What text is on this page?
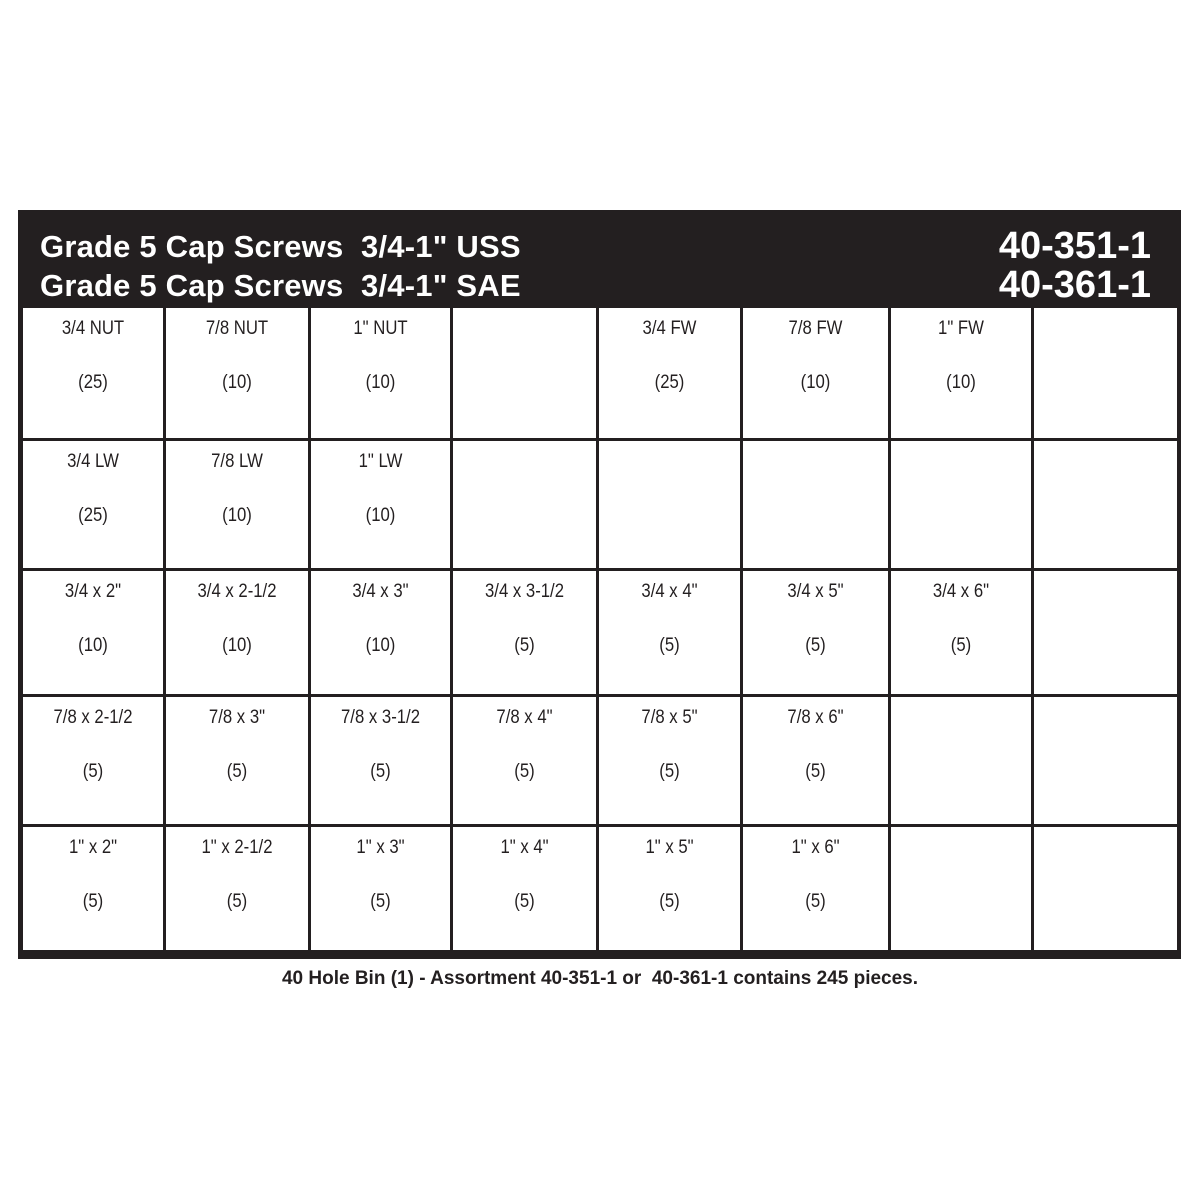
Grade 5 Cap Screws  3/4-1" USS
Grade 5 Cap Screws  3/4-1" SAE
40-351-1
40-361-1
3/4 NUT
(25)
7/8 NUT
(10)
1" NUT
(10)
3/4 FW
(25)
7/8 FW
(10)
1" FW
(10)
3/4 LW
(25)
7/8 LW
(10)
1" LW
(10)
3/4 x 2"
(10)
3/4 x 2-1/2
(10)
3/4 x 3"
(10)
3/4 x 3-1/2
(5)
3/4 x 4"
(5)
3/4 x 5"
(5)
3/4 x 6"
(5)
7/8 x 2-1/2
(5)
7/8 x 3"
(5)
7/8 x 3-1/2
(5)
7/8 x 4"
(5)
7/8 x 5"
(5)
7/8 x 6"
(5)
1" x 2"
(5)
1" x 2-1/2
(5)
1" x 3"
(5)
1" x 4"
(5)
1" x 5"
(5)
1" x 6"
(5)
40 Hole Bin (1) - Assortment 40-351-1 or  40-361-1 contains 245 pieces.
